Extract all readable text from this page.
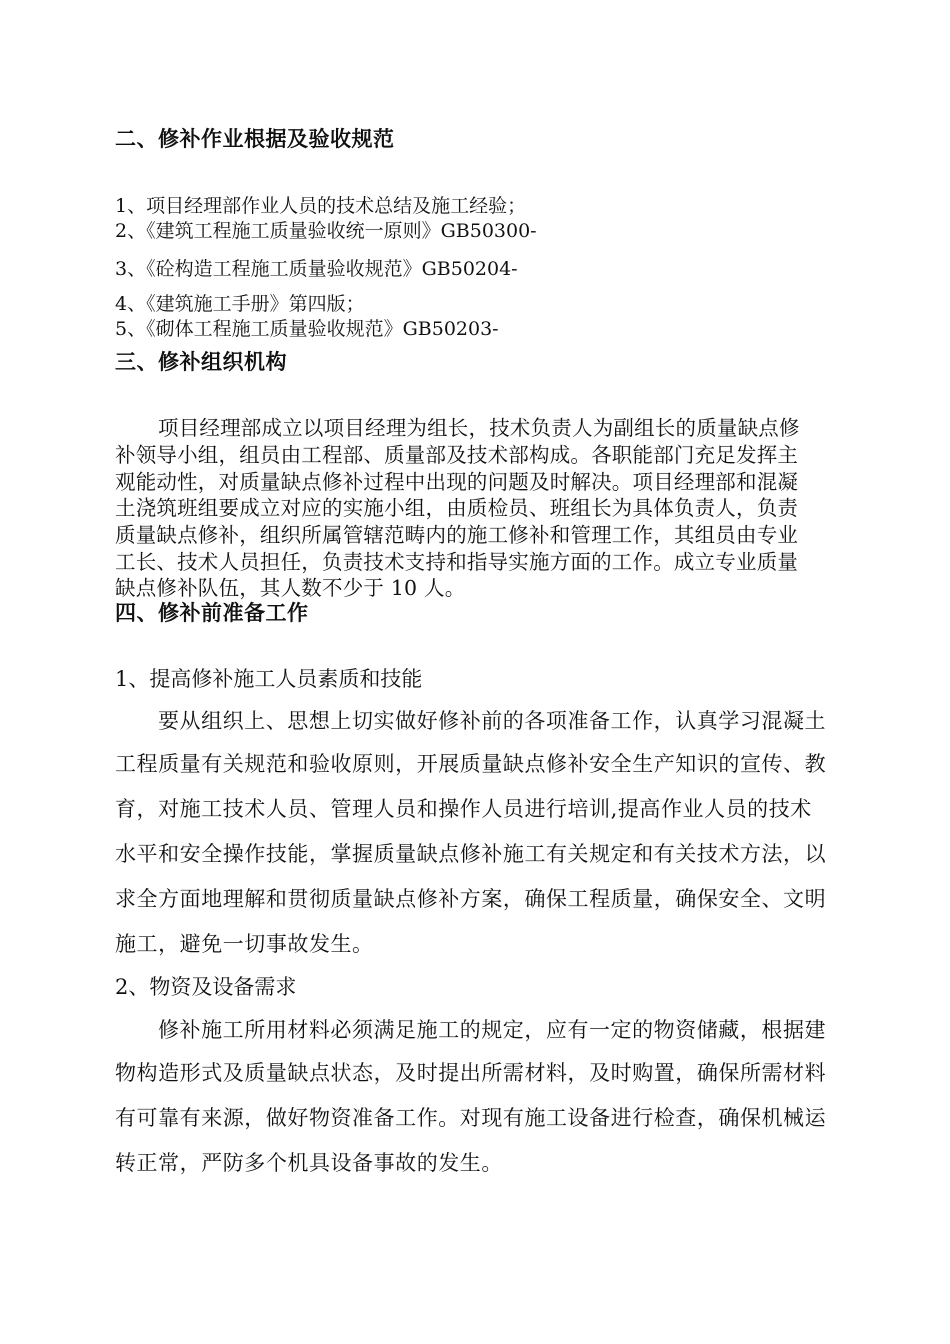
二、修补作业根据及验收规范
1、项目经理部作业人员的技术总结及施工经验；
2、《建筑工程施工质量验收统一原则》GB50300-
3、《砼构造工程施工质量验收规范》GB50204-
4、《建筑施工手册》第四版；
5、《砌体工程施工质量验收规范》GB50203-
三、修补组织机构
项目经理部成立以项目经理为组长，技术负责人为副组长的质量缺点修
补领导小组，组员由工程部、质量部及技术部构成。各职能部门充足发挥主
观能动性，对质量缺点修补过程中出现的问题及时解决。项目经理部和混凝
土浇筑班组要成立对应的实施小组，由质检员、班组长为具体负责人，负责
质量缺点修补，组织所属管辖范畴内的施工修补和管理工作，其组员由专业
工长、技术人员担任，负责技术支持和指导实施方面的工作。成立专业质量
缺点修补队伍，其人数不少于 10 人。
四、修补前准备工作
1、提高修补施工人员素质和技能
要从组织上、思想上切实做好修补前的各项准备工作，认真学习混凝土
工程质量有关规范和验收原则，开展质量缺点修补安全生产知识的宣传、教
育，对施工技术人员、管理人员和操作人员进行培训,提高作业人员的技术
水平和安全操作技能，掌握质量缺点修补施工有关规定和有关技术方法，以
求全方面地理解和贯彻质量缺点修补方案，确保工程质量，确保安全、文明
施工，避免一切事故发生。
2、物资及设备需求
修补施工所用材料必须满足施工的规定，应有一定的物资储藏，根据建
物构造形式及质量缺点状态，及时提出所需材料，及时购置，确保所需材料
有可靠有来源，做好物资准备工作。对现有施工设备进行检查，确保机械运
转正常，严防多个机具设备事故的发生。
